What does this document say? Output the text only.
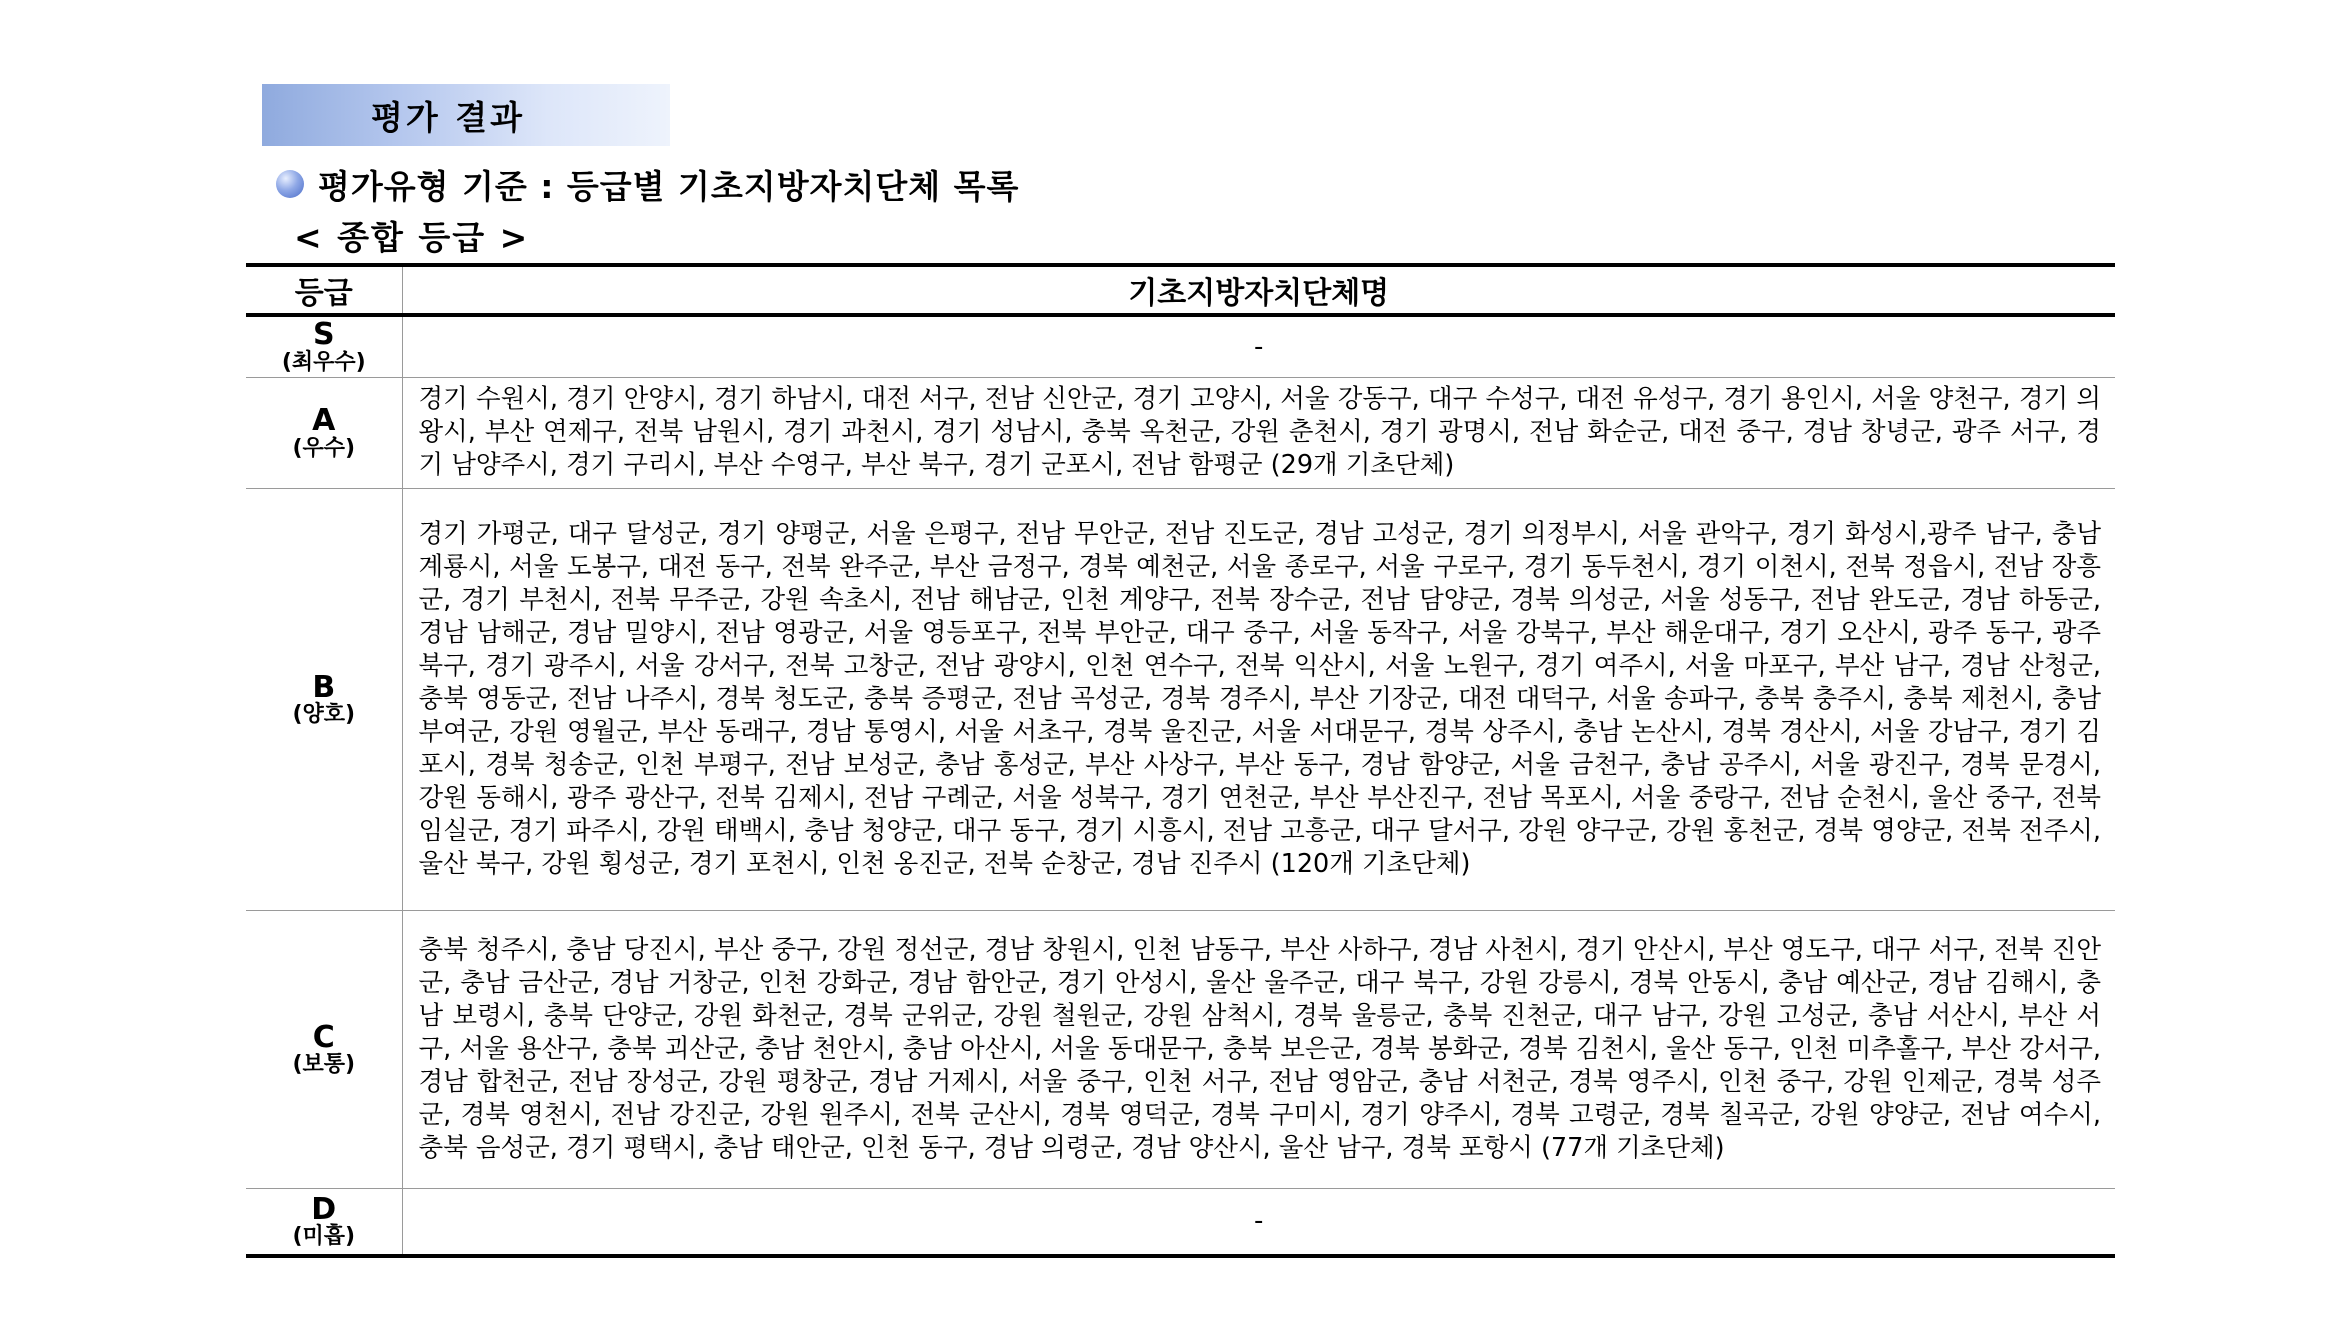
평가 결과
평가유형 기준 : 등급별 기초지방자치단체 목록
< 종합 등급 >
등급	기초지방자치단체명

S
(최우수)	-

A
(우수)	경기 수원시, 경기 안양시, 경기 하남시, 대전 서구, 전남 신안군, 경기 고양시, 서울 강동구, 대구 수성구, 대전 유성구, 경기 용인시, 서울 양천구, 경기 의왕시, 부산 연제구, 전북 남원시, 경기 과천시, 경기 성남시, 충북 옥천군, 강원 춘천시, 경기 광명시, 전남 화순군, 대전 중구, 경남 창녕군, 광주 서구, 경기 남양주시, 경기 구리시, 부산 수영구, 부산 북구, 경기 군포시, 전남 함평군 (29개 기초단체)

B
(양호)	경기 가평군, 대구 달성군, 경기 양평군, 서울 은평구, 전남 무안군, 전남 진도군, 경남 고성군, 경기 의정부시, 서울 관악구, 경기 화성시,광주 남구, 충남 계룡시, 서울 도봉구, 대전 동구, 전북 완주군, 부산 금정구, 경북 예천군, 서울 종로구, 서울 구로구, 경기 동두천시, 경기 이천시, 전북 정읍시, 전남 장흥군, 경기 부천시, 전북 무주군, 강원 속초시, 전남 해남군, 인천 계양구, 전북 장수군, 전남 담양군, 경북 의성군, 서울 성동구, 전남 완도군, 경남 하동군, 경남 남해군, 경남 밀양시, 전남 영광군, 서울 영등포구, 전북 부안군, 대구 중구, 서울 동작구, 서울 강북구, 부산 해운대구, 경기 오산시, 광주 동구, 광주 북구, 경기 광주시, 서울 강서구, 전북 고창군, 전남 광양시, 인천 연수구, 전북 익산시, 서울 노원구, 경기 여주시, 서울 마포구, 부산 남구, 경남 산청군, 충북 영동군, 전남 나주시, 경북 청도군, 충북 증평군, 전남 곡성군, 경북 경주시, 부산 기장군, 대전 대덕구, 서울 송파구, 충북 충주시, 충북 제천시, 충남 부여군, 강원 영월군, 부산 동래구, 경남 통영시, 서울 서초구, 경북 울진군, 서울 서대문구, 경북 상주시, 충남 논산시, 경북 경산시, 서울 강남구, 경기 김포시, 경북 청송군, 인천 부평구, 전남 보성군, 충남 홍성군, 부산 사상구, 부산 동구, 경남 함양군, 서울 금천구, 충남 공주시, 서울 광진구, 경북 문경시, 강원 동해시, 광주 광산구, 전북 김제시, 전남 구례군, 서울 성북구, 경기 연천군, 부산 부산진구, 전남 목포시, 서울 중랑구, 전남 순천시, 울산 중구, 전북 임실군, 경기 파주시, 강원 태백시, 충남 청양군, 대구 동구, 경기 시흥시, 전남 고흥군, 대구 달서구, 강원 양구군, 강원 홍천군, 경북 영양군, 전북 전주시, 울산 북구, 강원 횡성군, 경기 포천시, 인천 옹진군, 전북 순창군, 경남 진주시 (120개 기초단체)

C
(보통)	충북 청주시, 충남 당진시, 부산 중구, 강원 정선군, 경남 창원시, 인천 남동구, 부산 사하구, 경남 사천시, 경기 안산시, 부산 영도구, 대구 서구, 전북 진안군, 충남 금산군, 경남 거창군, 인천 강화군, 경남 함안군, 경기 안성시, 울산 울주군, 대구 북구, 강원 강릉시, 경북 안동시, 충남 예산군, 경남 김해시, 충남 보령시, 충북 단양군, 강원 화천군, 경북 군위군, 강원 철원군, 강원 삼척시, 경북 울릉군, 충북 진천군, 대구 남구, 강원 고성군, 충남 서산시, 부산 서구, 서울 용산구, 충북 괴산군, 충남 천안시, 충남 아산시, 서울 동대문구, 충북 보은군, 경북 봉화군, 경북 김천시, 울산 동구, 인천 미추홀구, 부산 강서구, 경남 합천군, 전남 장성군, 강원 평창군, 경남 거제시, 서울 중구, 인천 서구, 전남 영암군, 충남 서천군, 경북 영주시, 인천 중구, 강원 인제군, 경북 성주군, 경북 영천시, 전남 강진군, 강원 원주시, 전북 군산시, 경북 영덕군, 경북 구미시, 경기 양주시, 경북 고령군, 경북 칠곡군, 강원 양양군, 전남 여수시, 충북 음성군, 경기 평택시, 충남 태안군, 인천 동구, 경남 의령군, 경남 양산시, 울산 남구, 경북 포항시 (77개 기초단체)

D
(미흡)	-
